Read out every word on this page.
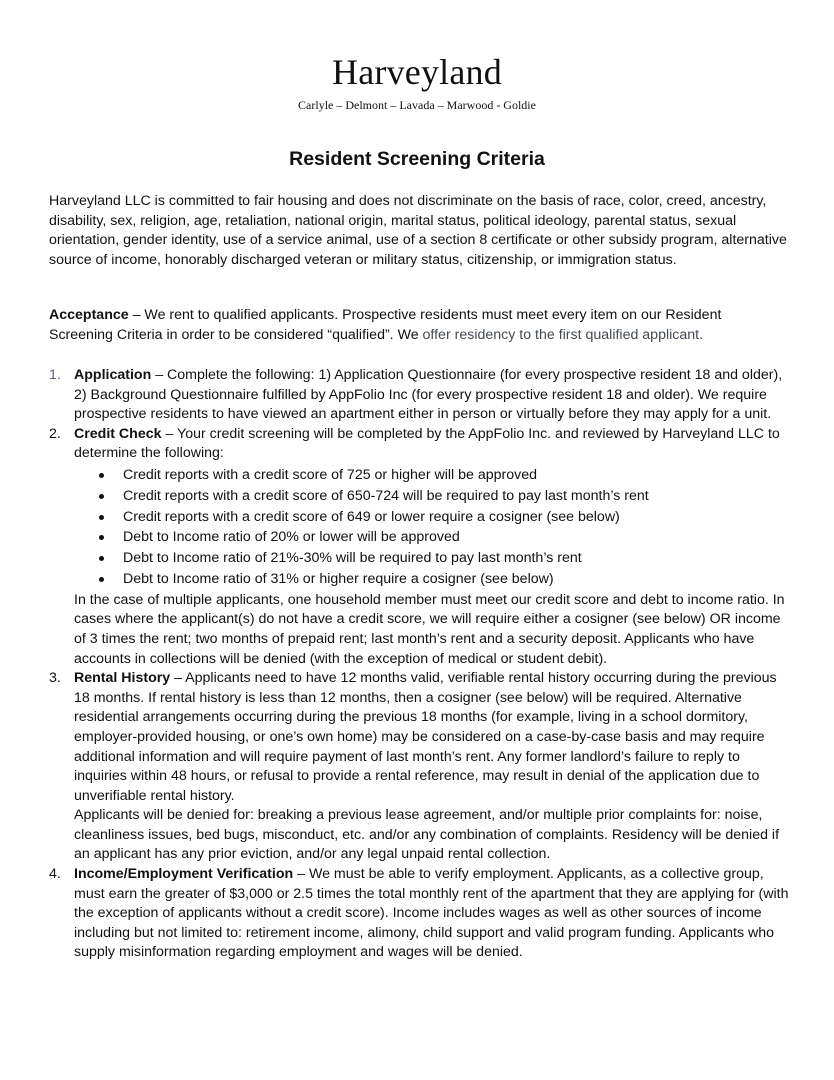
Harveyland
Carlyle – Delmont – Lavada – Marwood - Goldie
Resident Screening Criteria

Harveyland LLC is committed to fair housing and does not discriminate on the basis of race, color, creed, ancestry, disability, sex, religion, age, retaliation, national origin, marital status, political ideology, parental status, sexual orientation, gender identity, use of a service animal, use of a section 8 certificate or other subsidy program, alternative source of income, honorably discharged veteran or military status, citizenship, or immigration status.

Acceptance – We rent to qualified applicants. Prospective residents must meet every item on our Resident Screening Criteria in order to be considered “qualified”. We offer residency to the first qualified applicant.

1. Application – Complete the following: 1) Application Questionnaire (for every prospective resident 18 and older), 2) Background Questionnaire fulfilled by AppFolio Inc (for every prospective resident 18 and older). We require prospective residents to have viewed an apartment either in person or virtually before they may apply for a unit.

2. Credit Check – Your credit screening will be completed by the AppFolio Inc. and reviewed by Harveyland LLC to determine the following:

Credit reports with a credit score of 725 or higher will be approved
Credit reports with a credit score of 650-724 will be required to pay last month’s rent
Credit reports with a credit score of 649 or lower require a cosigner (see below)
Debt to Income ratio of 20% or lower will be approved
Debt to Income ratio of 21%-30% will be required to pay last month’s rent
Debt to Income ratio of 31% or higher require a cosigner (see below)

In the case of multiple applicants, one household member must meet our credit score and debt to income ratio. In cases where the applicant(s) do not have a credit score, we will require either a cosigner (see below) OR income of 3 times the rent; two months of prepaid rent; last month’s rent and a security deposit. Applicants who have accounts in collections will be denied (with the exception of medical or student debit).

3. Rental History – Applicants need to have 12 months valid, verifiable rental history occurring during the previous 18 months. If rental history is less than 12 months, then a cosigner (see below) will be required. Alternative residential arrangements occurring during the previous 18 months (for example, living in a school dormitory, employer-provided housing, or one’s own home) may be considered on a case-by-case basis and may require additional information and will require payment of last month’s rent. Any former landlord’s failure to reply to inquiries within 48 hours, or refusal to provide a rental reference, may result in denial of the application due to unverifiable rental history.

Applicants will be denied for: breaking a previous lease agreement, and/or multiple prior complaints for: noise, cleanliness issues, bed bugs, misconduct, etc. and/or any combination of complaints. Residency will be denied if an applicant has any prior eviction, and/or any legal unpaid rental collection.

4. Income/Employment Verification – We must be able to verify employment. Applicants, as a collective group, must earn the greater of $3,000 or 2.5 times the total monthly rent of the apartment that they are applying for (with the exception of applicants without a credit score). Income includes wages as well as other sources of income including but not limited to: retirement income, alimony, child support and valid program funding. Applicants who supply misinformation regarding employment and wages will be denied.
